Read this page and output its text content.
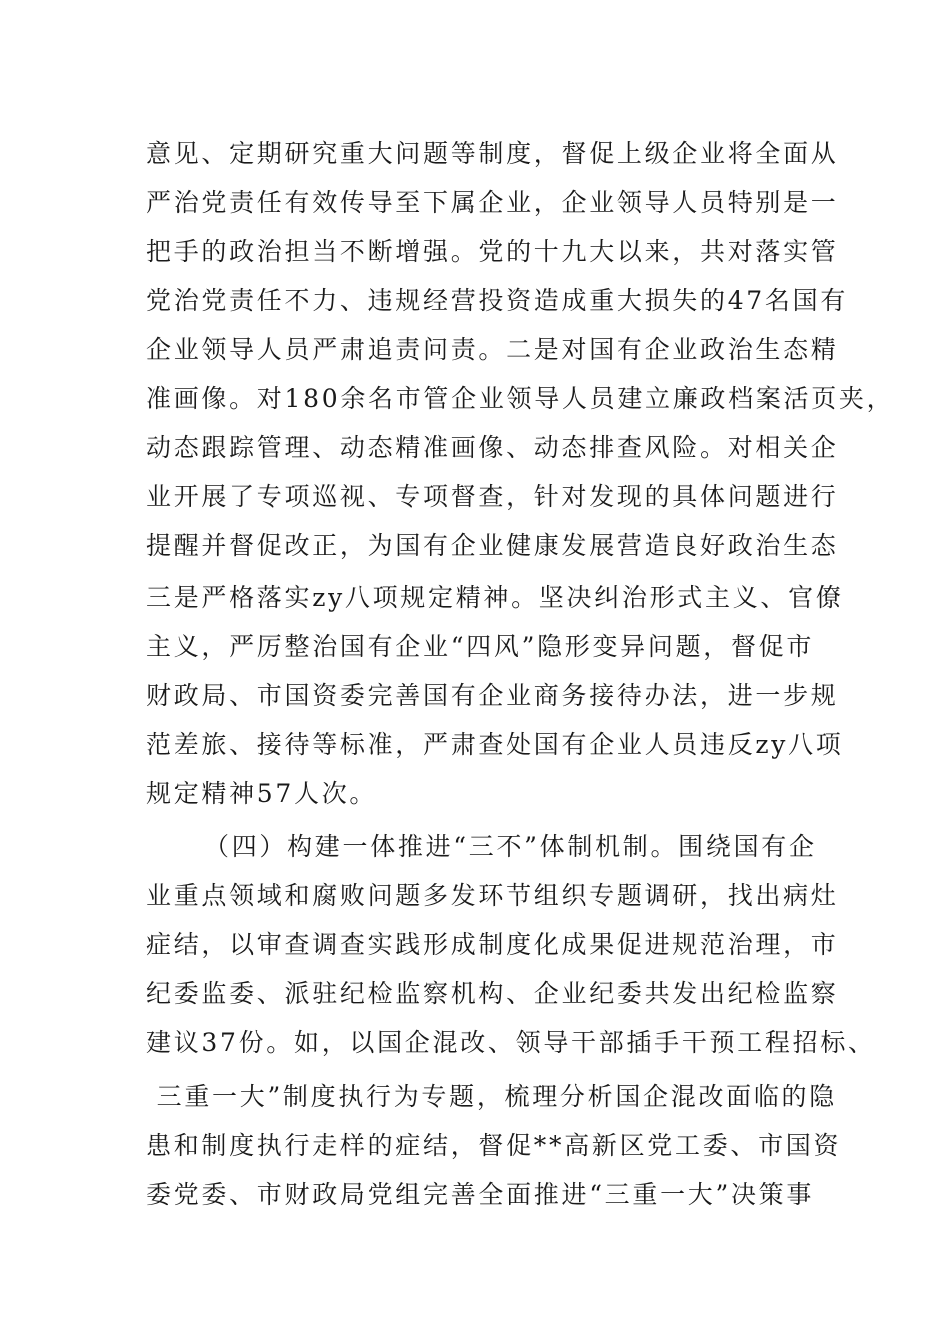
意见、定期研究重大问题等制度，督促上级企业将全面从
严治党责任有效传导至下属企业，企业领导人员特别是一
把手的政治担当不断增强。党的十九大以来，共对落实管
党治党责任不力、违规经营投资造成重大损失的47名国有
企业领导人员严肃追责问责。二是对国有企业政治生态精
准画像。对180余名市管企业领导人员建立廉政档案活页夹，
动态跟踪管理、动态精准画像、动态排查风险。对相关企
业开展了专项巡视、专项督查，针对发现的具体问题进行
提醒并督促改正，为国有企业健康发展营造良好政治生态
三是严格落实zy八项规定精神。坚决纠治形式主义、官僚
主义，严厉整治国有企业“四风”隐形变异问题，督促市
财政局、市国资委完善国有企业商务接待办法，进一步规
范差旅、接待等标准，严肃查处国有企业人员违反zy八项
规定精神57人次。
（四）构建一体推进“三不”体制机制。围绕国有企
业重点领域和腐败问题多发环节组织专题调研，找出病灶
症结，以审查调查实践形成制度化成果促进规范治理，市
纪委监委、派驻纪检监察机构、企业纪委共发出纪检监察
建议37份。如，以国企混改、领导干部插手干预工程招标、
三重一大”制度执行为专题，梳理分析国企混改面临的隐
患和制度执行走样的症结，督促**高新区党工委、市国资
委党委、市财政局党组完善全面推进“三重一大”决策事
